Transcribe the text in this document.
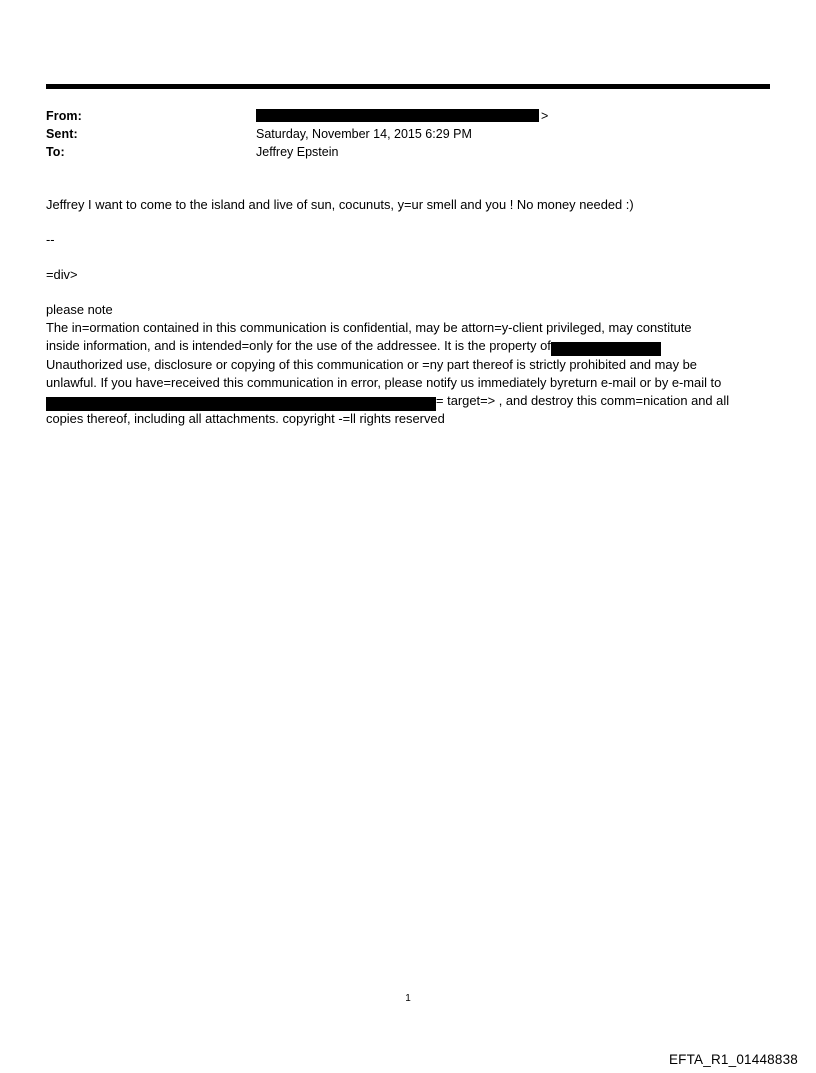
From:	>
Sent:	Saturday, November 14, 2015 6:29 PM
To:	Jeffrey Epstein

Jeffrey I want to come to the island and live of sun, cocunuts, y=ur smell and you ! No money needed :)

--

=div>

please note
The in=ormation contained in this communication is confidential, may be attorn=y-client privileged, may constitute
inside information, and is intended=only for the use of the addressee. It is the property of
Unauthorized use, disclosure or copying of this communication or =ny part thereof is strictly prohibited and may be
unlawful. If you have=received this communication in error, please notify us immediately byreturn e-mail or by e-mail to
= target=> , and destroy this comm=nication and all
copies thereof, including all attachments. copyright -=ll rights reserved

1
EFTA_R1_01448838
